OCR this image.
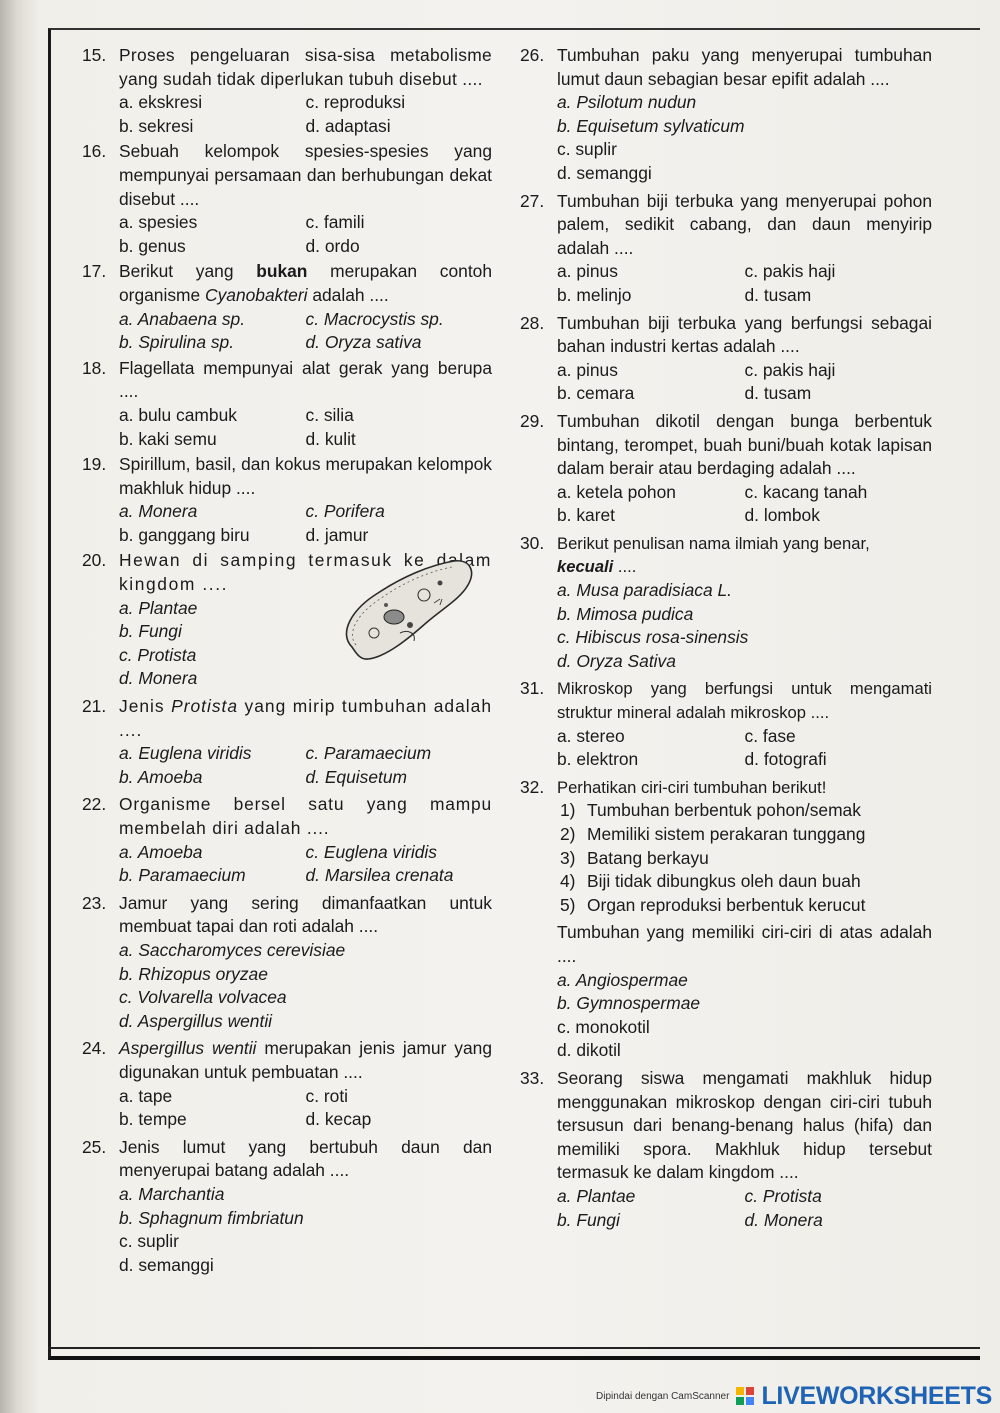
15. Proses pengeluaran sisa-sisa metabolisme yang sudah tidak diperlukan tubuh disebut ....
a. ekskresi	c. reproduksi
b. sekresi	d. adaptasi
16. Sebuah kelompok spesies-spesies yang mempunyai persamaan dan berhubungan dekat disebut ....
a. spesies	c. famili
b. genus	d. ordo
17. Berikut yang bukan merupakan contoh organisme Cyanobakteri adalah ....
a. Anabaena sp.	c. Macrocystis sp.
b. Spirulina sp.	d. Oryza sativa
18. Flagellata mempunyai alat gerak yang berupa ....
a. bulu cambuk	c. silia
b. kaki semu	d. kulit
19. Spirillum, basil, dan kokus merupakan kelompok makhluk hidup ....
a. Monera	c. Porifera
b. ganggang biru	d. jamur
20. Hewan di samping termasuk ke dalam kingdom ....
a. Plantae
b. Fungi
c. Protista
d. Monera
21. Jenis Protista yang mirip tumbuhan adalah ....
a. Euglena viridis	c. Paramaecium
b. Amoeba	d. Equisetum
22. Organisme bersel satu yang mampu membelah diri adalah ....
a. Amoeba	c. Euglena viridis
b. Paramaecium	d. Marsilea crenata
23. Jamur yang sering dimanfaatkan untuk membuat tapai dan roti adalah ....
a. Saccharomyces cerevisiae
b. Rhizopus oryzae
c. Volvarella volvacea
d. Aspergillus wentii
24. Aspergillus wentii merupakan jenis jamur yang digunakan untuk pembuatan ....
a. tape	c. roti
b. tempe	d. kecap
25. Jenis lumut yang bertubuh daun dan menyerupai batang adalah ....
a. Marchantia
b. Sphagnum fimbriatun
c. suplir
d. semanggi
26. Tumbuhan paku yang menyerupai tumbuhan lumut daun sebagian besar epifit adalah ....
a. Psilotum nudun
b. Equisetum sylvaticum
c. suplir
d. semanggi
27. Tumbuhan biji terbuka yang menyerupai pohon palem, sedikit cabang, dan daun menyirip adalah ....
a. pinus	c. pakis haji
b. melinjo	d. tusam
28. Tumbuhan biji terbuka yang berfungsi sebagai bahan industri kertas adalah ....
a. pinus	c. pakis haji
b. cemara	d. tusam
29. Tumbuhan dikotil dengan bunga berbentuk bintang, terompet, buah buni/buah kotak lapisan dalam berair atau berdaging adalah ....
a. ketela pohon	c. kacang tanah
b. karet	d. lombok
30. Berikut penulisan nama ilmiah yang benar,
kecuali ....
a. Musa paradisiaca L.
b. Mimosa pudica
c. Hibiscus rosa-sinensis
d. Oryza Sativa
31. Mikroskop yang berfungsi untuk mengamati struktur mineral adalah mikroskop ....
a. stereo	c. fase
b. elektron	d. fotografi
32. Perhatikan ciri-ciri tumbuhan berikut!
1) Tumbuhan berbentuk pohon/semak
2) Memiliki sistem perakaran tunggang
3) Batang berkayu
4) Biji tidak dibungkus oleh daun buah
5) Organ reproduksi berbentuk kerucut
Tumbuhan yang memiliki ciri-ciri di atas adalah ....
a. Angiospermae
b. Gymnospermae
c. monokotil
d. dikotil
33. Seorang siswa mengamati makhluk hidup menggunakan mikroskop dengan ciri-ciri tubuh tersusun dari benang-benang halus (hifa) dan memiliki spora. Makhluk hidup tersebut termasuk ke dalam kingdom ....
a. Plantae	c. Protista
b. Fungi	d. Monera
Dipindai dengan CamScanner LIVEWORKSHEETS
